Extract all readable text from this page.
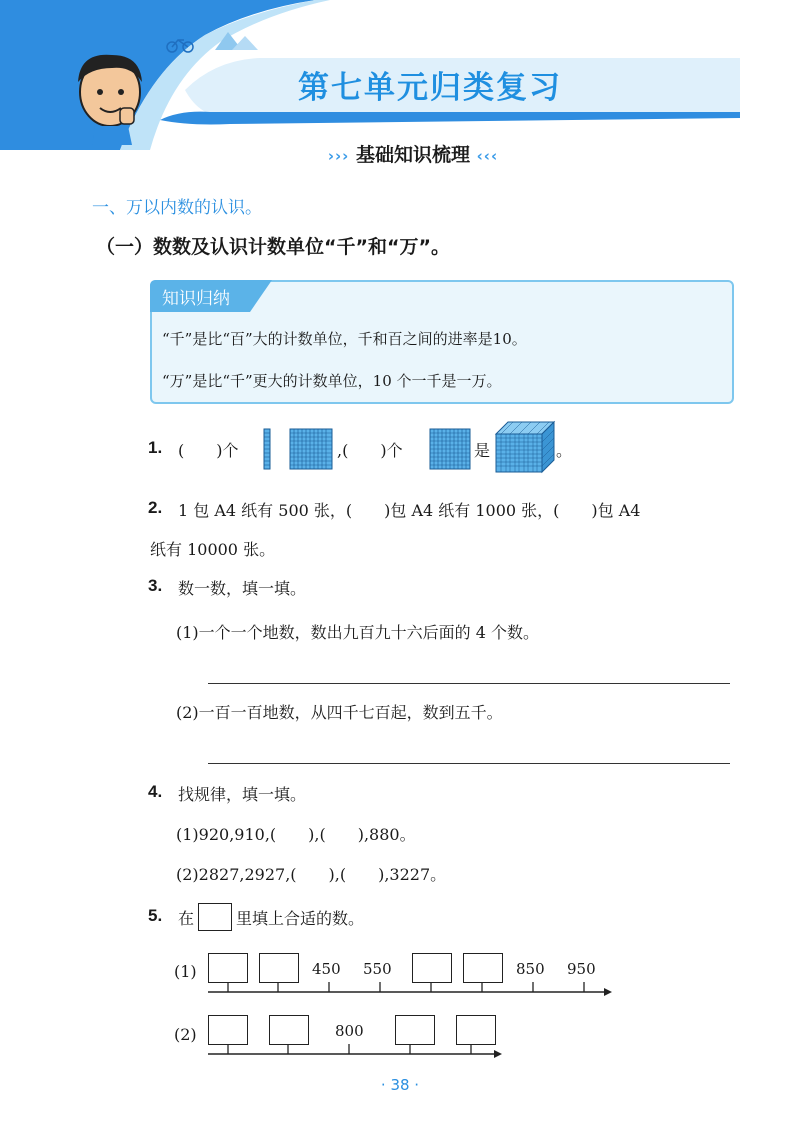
第七单元归类复习
››› 基础知识梳理 ‹‹‹
一、万以内数的认识。
（一）数数及认识计数单位“千”和“万”。
知识归纳
“千”是比“百”大的计数单位，千和百之间的进率是10。
“万”是比“千”更大的计数单位，10 个一千是一万。
1. (　　)个	,(　　)个	是	。
2. 1 包 A4 纸有 500 张，(　　)包 A4 纸有 1000 张，(　　)包 A4
纸有 10000 张。
3. 数一数，填一填。
(1)一个一个地数，数出九百九十六后面的 4 个数。
(2)一百一百地数，从四千七百起，数到五千。
4. 找规律，填一填。
(1)920,910,(　　),(　　),880。
(2)2827,2927,(　　),(　　),3227。
5. 在	里填上合适的数。
(1)	450 550	850 950
(2)	800
· 38 ·
